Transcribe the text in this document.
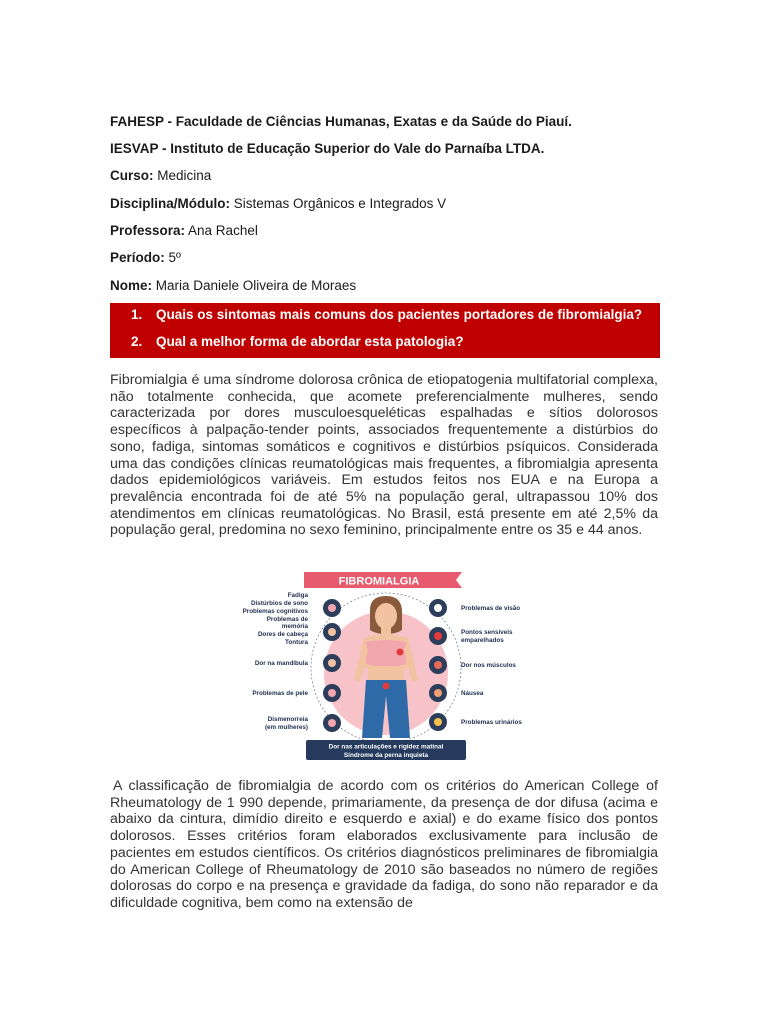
FAHESP - Faculdade de Ciências Humanas, Exatas e da Saúde do Piauí.
IESVAP - Instituto de Educação Superior do Vale do Parnaíba LTDA.
Curso: Medicina
Disciplina/Módulo: Sistemas Orgânicos e Integrados V
Professora: Ana Rachel
Período: 5º
Nome: Maria Daniele Oliveira de Moraes
1. Quais os sintomas mais comuns dos pacientes portadores de fibromialgia?
2. Qual a melhor forma de abordar esta patologia?
Fibromialgia é uma síndrome dolorosa crônica de etiopatogenia multifatorial complexa, não totalmente conhecida, que acomete preferencialmente mulheres, sendo caracterizada por dores musculoesqueléticas espalhadas e sítios dolorosos específicos à palpação-tender points, associados frequentemente a distúrbios do sono, fadiga, sintomas somáticos e cognitivos e distúrbios psíquicos. Considerada uma das condições clínicas reumatológicas mais frequentes, a fibromialgia apresenta dados epidemiológicos variáveis. Em estudos feitos nos EUA e na Europa a prevalência encontrada foi de até 5% na população geral, ultrapassou 10% dos atendimentos em clínicas reumatológicas. No Brasil, está presente em até 2,5% da população geral, predomina no sexo feminino, principalmente entre os 35 e 44 anos.
FIBROMIALGIA
Fadiga
Distúrbios de sono
Problemas cognitivos
Problemas de
memória
Dores de cabeça
Tontura
Dor na mandíbula
Problemas de pele
Dismenorreia
(em mulheres)
Problemas de visão
Pontos sensíveis
emparelhados
Dor nos músculos
Náusea
Problemas urinários
Dor nas articulações e rigidez matinal
Síndrome da perna inquieta
A classificação de fibromialgia de acordo com os critérios do American College of Rheumatology de 1 990 depende, primariamente, da presença de dor difusa (acima e abaixo da cintura, dimídio direito e esquerdo e axial) e do exame físico dos pontos dolorosos. Esses critérios foram elaborados exclusivamente para inclusão de pacientes em estudos científicos. Os critérios diagnósticos preliminares de fibromialgia do American College of Rheumatology de 2010 são baseados no número de regiões dolorosas do corpo e na presença e gravidade da fadiga, do sono não reparador e da dificuldade cognitiva, bem como na extensão de
